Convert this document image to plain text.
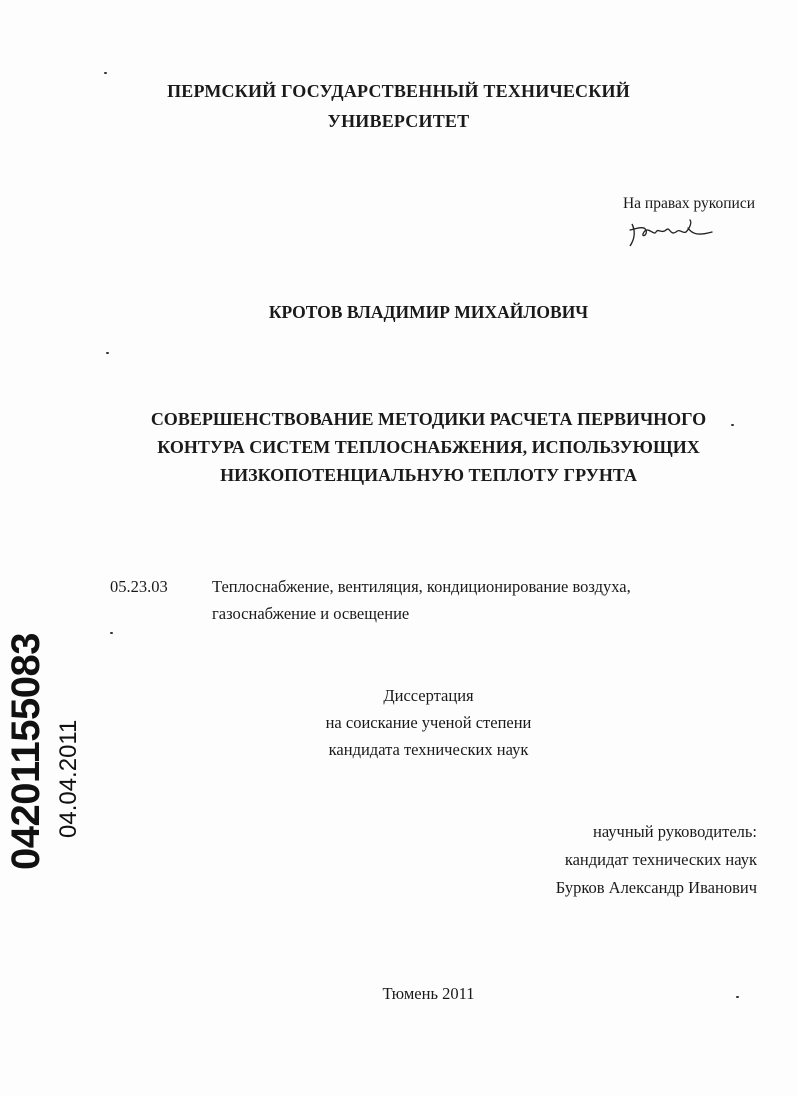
ПЕРМСКИЙ ГОСУДАРСТВЕННЫЙ ТЕХНИЧЕСКИЙ
УНИВЕРСИТЕТ
На правах рукописи
КРОТОВ ВЛАДИМИР МИХАЙЛОВИЧ
СОВЕРШЕНСТВОВАНИЕ МЕТОДИКИ РАСЧЕТА ПЕРВИЧНОГО
КОНТУРА СИСТЕМ ТЕПЛОСНАБЖЕНИЯ, ИСПОЛЬЗУЮЩИХ
НИЗКОПОТЕНЦИАЛЬНУЮ ТЕПЛОТУ ГРУНТА
05.23.03	Теплоснабжение, вентиляция, кондиционирование воздуха, газоснабжение и освещение
Диссертация
на соискание ученой степени
кандидата технических наук
научный руководитель:
кандидат технических наук
Бурков Александр Иванович
Тюмень 2011
04201155083 04.04.2011
